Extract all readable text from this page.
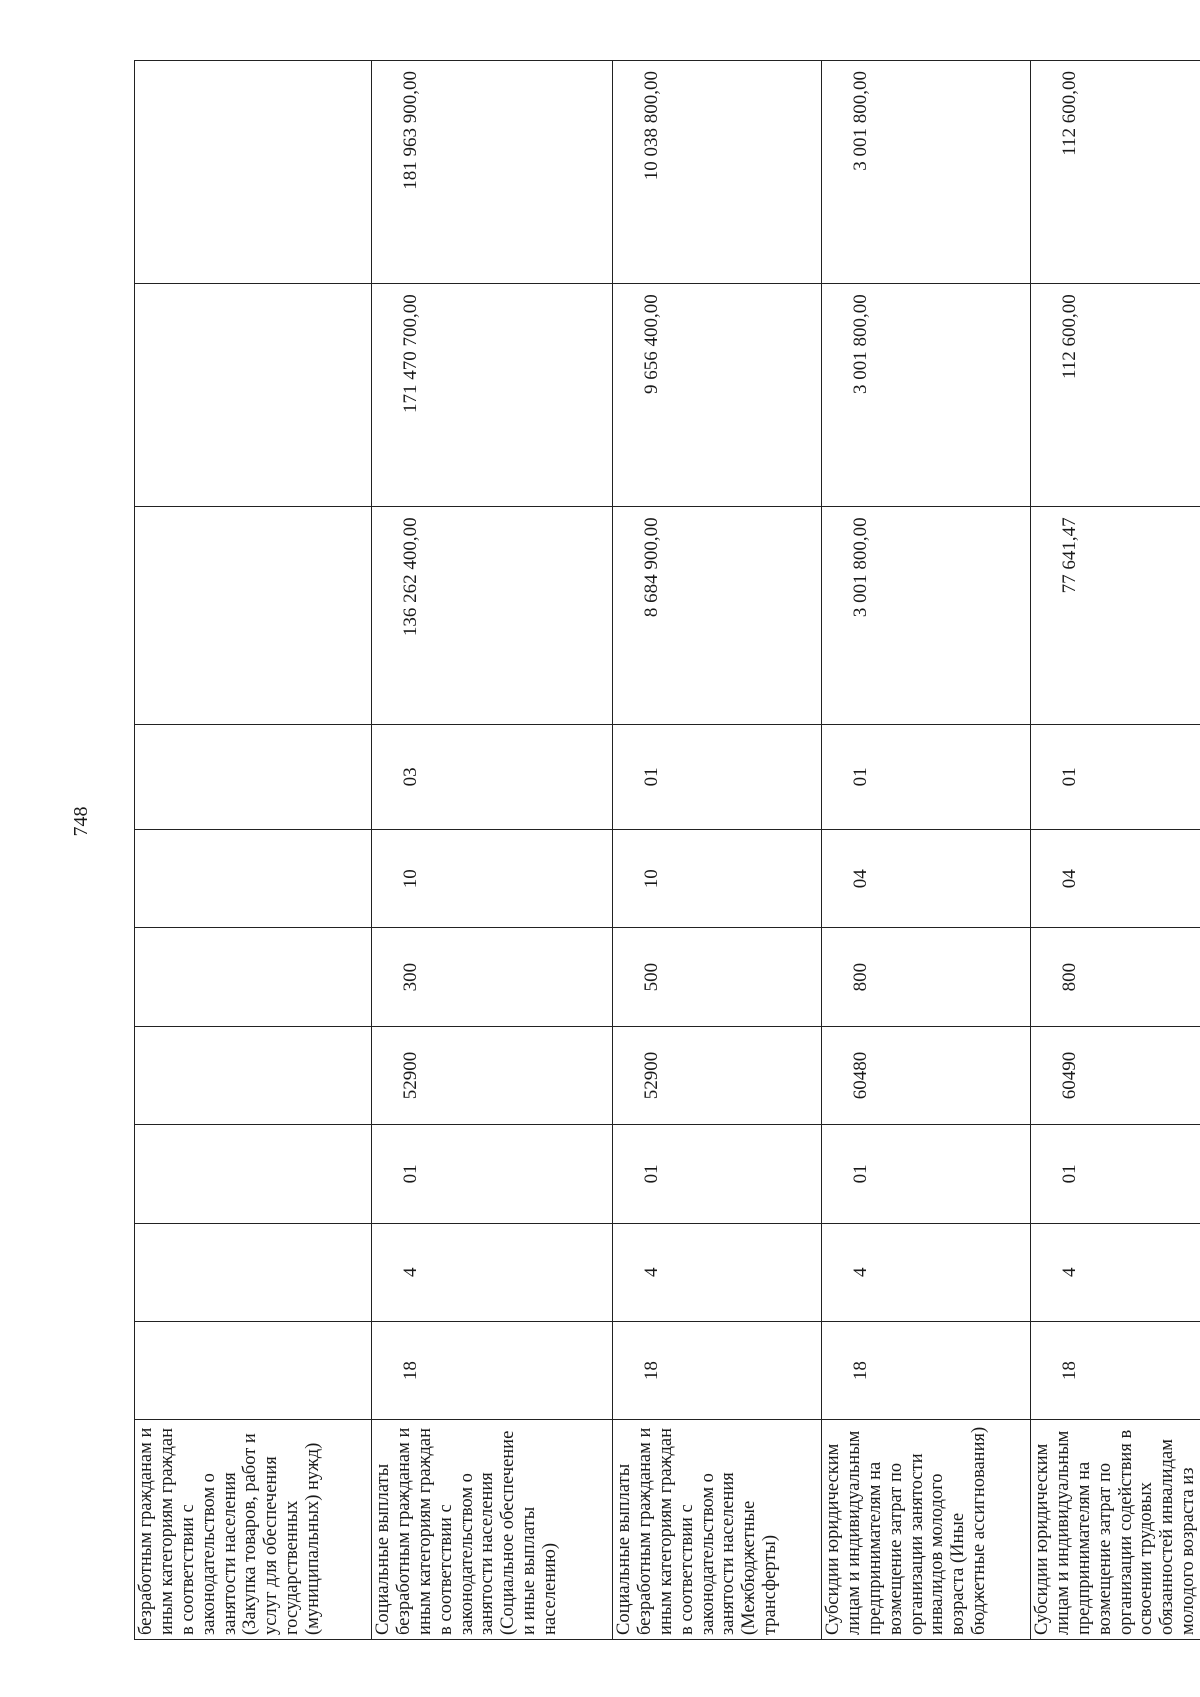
748
безработным гражданам и иным категориям граждан в соответствии с законодательством о занятости населения (Закупка товаров, работ и услуг для обеспечения государственных (муниципальных) нужд)										
Социальные выплаты безработным гражданам и иным категориям граждан в соответствии с законодательством о занятости населения (Социальное обеспечение и иные выплаты населению)	18	4	01	52900	300	10	03	136 262 400,00	171 470 700,00	181 963 900,00
Социальные выплаты безработным гражданам и иным категориям граждан в соответствии с законодательством о занятости населения (Межбюджетные трансферты)	18	4	01	52900	500	10	01	8 684 900,00	9 656 400,00	10 038 800,00
Субсидии юридическим лицам и индивидуальным предпринимателям на возмещение затрат по организации занятости инвалидов молодого возраста (Иные бюджетные ассигнования)	18	4	01	60480	800	04	01	3 001 800,00	3 001 800,00	3 001 800,00
Субсидии юридическим лицам и индивидуальным предпринимателям на возмещение затрат по организации содействия в освоении трудовых обязанностей инвалидам молодого возраста из	18	4	01	60490	800	04	01	77 641,47	112 600,00	112 600,00
